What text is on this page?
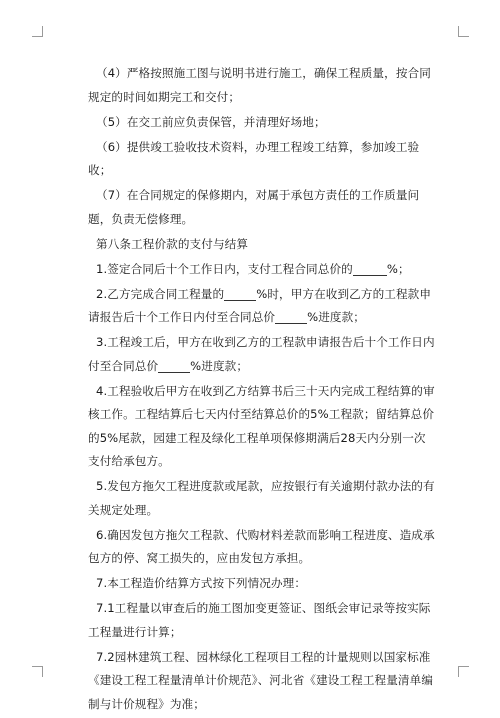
（4）严格按照施工图与说明书进行施工，确保工程质量，按合同规定的时间如期完工和交付；

（5）在交工前应负责保管，并清理好场地；

（6）提供竣工验收技术资料，办理工程竣工结算，参加竣工验收；

（7）在合同规定的保修期内，对属于承包方责任的工作质量问题，负责无偿修理。

第八条工程价款的支付与结算

1.签定合同后十个工作日内，支付工程合同总价的	%；

2.乙方完成合同工程量的	%时，甲方在收到乙方的工程款申请报告后十个工作日内付至合同总价	%进度款；

3.工程竣工后，甲方在收到乙方的工程款申请报告后十个工作日内付至合同总价	%进度款；

4.工程验收后甲方在收到乙方结算书后三十天内完成工程结算的审核工作。工程结算后七天内付至结算总价的5%工程款；留结算总价的5%尾款，园建工程及绿化工程单项保修期满后28天内分别一次支付给承包方。

5.发包方拖欠工程进度款或尾款，应按银行有关逾期付款办法的有关规定处理。

6.确因发包方拖欠工程款、代购材料差款而影响工程进度、造成承包方的停、窝工损失的，应由发包方承担。

7.本工程造价结算方式按下列情况办理：

7.1工程量以审查后的施工图加变更签证、图纸会审记录等按实际工程量进行计算；

7.2园林建筑工程、园林绿化工程项目工程的计量规则以国家标准《建设工程工程量清单计价规范》、河北省《建设工程工程量清单编制与计价规程》为准；
